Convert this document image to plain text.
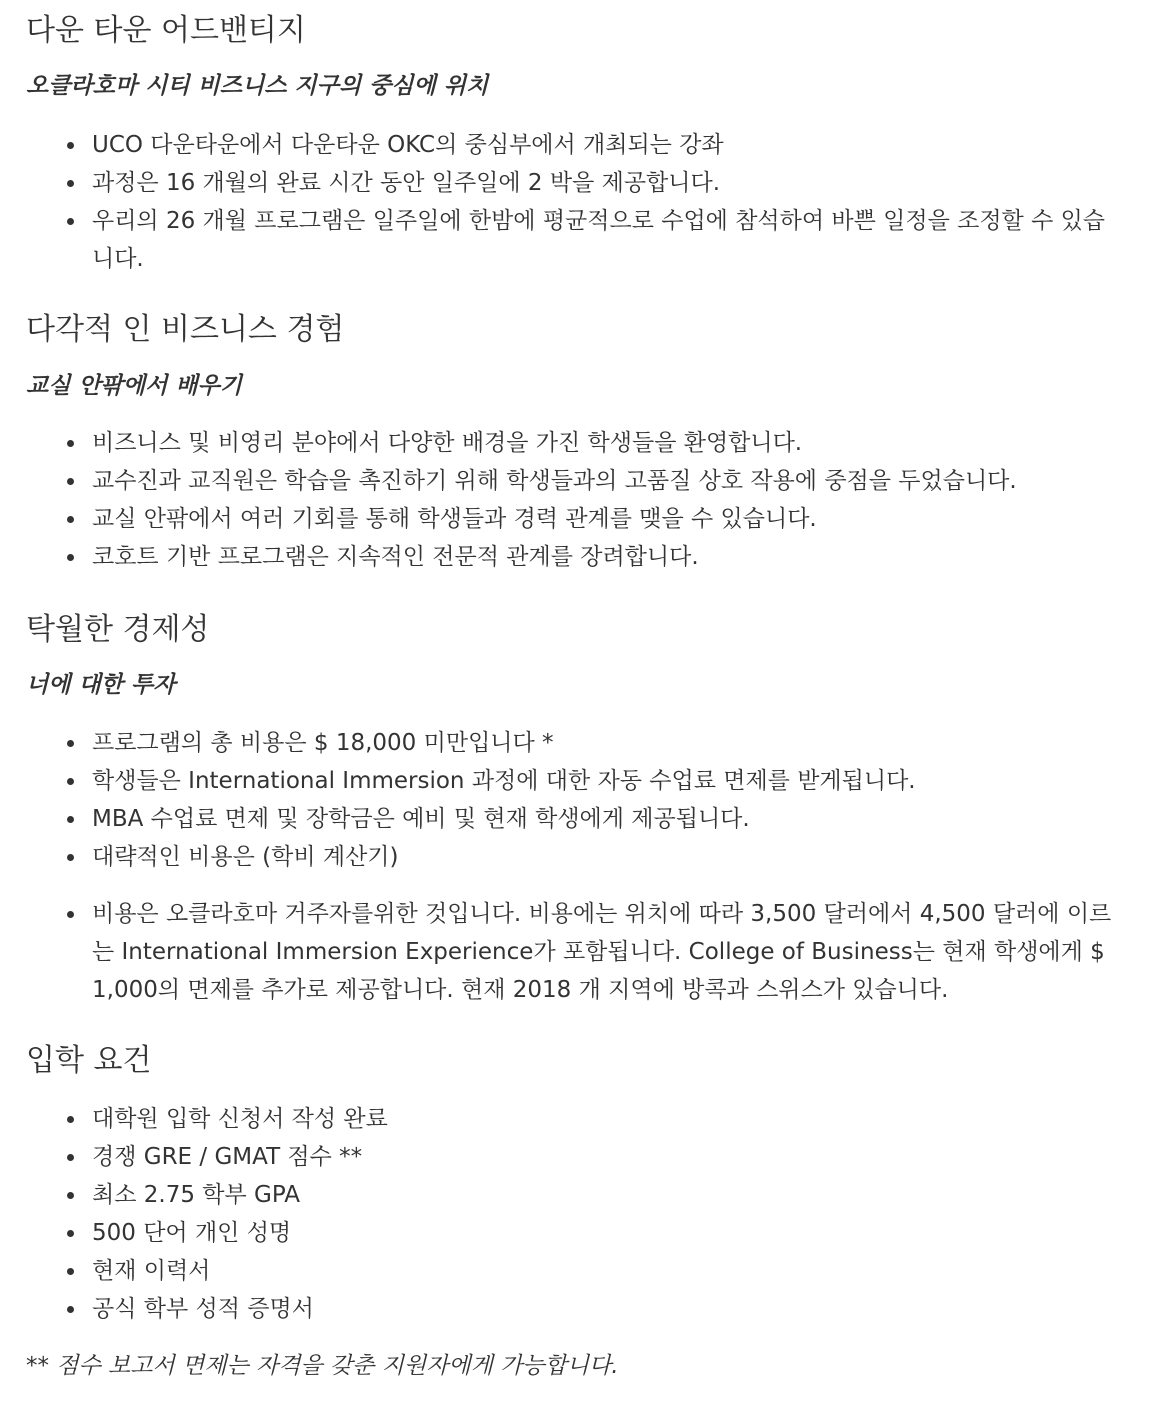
다운 타운 어드밴티지

오클라호마 시티 비즈니스 지구의 중심에 위치

UCO 다운타운에서 다운타운 OKC의 중심부에서 개최되는 강좌
과정은 16 개월의 완료 시간 동안 일주일에 2 박을 제공합니다.
우리의 26 개월 프로그램은 일주일에 한밤에 평균적으로 수업에 참석하여 바쁜 일정을 조정할 수 있습니다.
다각적 인 비즈니스 경험

교실 안팎에서 배우기

비즈니스 및 비영리 분야에서 다양한 배경을 가진 학생들을 환영합니다.
교수진과 교직원은 학습을 촉진하기 위해 학생들과의 고품질 상호 작용에 중점을 두었습니다.
교실 안팎에서 여러 기회를 통해 학생들과 경력 관계를 맺을 수 있습니다.
코호트 기반 프로그램은 지속적인 전문적 관계를 장려합니다.
탁월한 경제성

너에 대한 투자

프로그램의 총 비용은 $ 18,000 미만입니다 *
학생들은 International Immersion 과정에 대한 자동 수업료 면제를 받게됩니다.
MBA 수업료 면제 및 장학금은 예비 및 현재 학생에게 제공됩니다.
대략적인 비용은 (학비 계산기)
비용은 오클라호마 거주자를위한 것입니다. 비용에는 위치에 따라 3,500 달러에서 4,500 달러에 이르는 International Immersion Experience가 포함됩니다. College of Business는 현재 학생에게 $ 1,000의 면제를 추가로 제공합니다. 현재 2018 개 지역에 방콕과 스위스가 있습니다.
입학 요건
대학원 입학 신청서 작성 완료
경쟁 GRE / GMAT 점수 **
최소 2.75 학부 GPA
500 단어 개인 성명
현재 이력서
공식 학부 성적 증명서

** 점수 보고서 면제는 자격을 갖춘 지원자에게 가능합니다.
